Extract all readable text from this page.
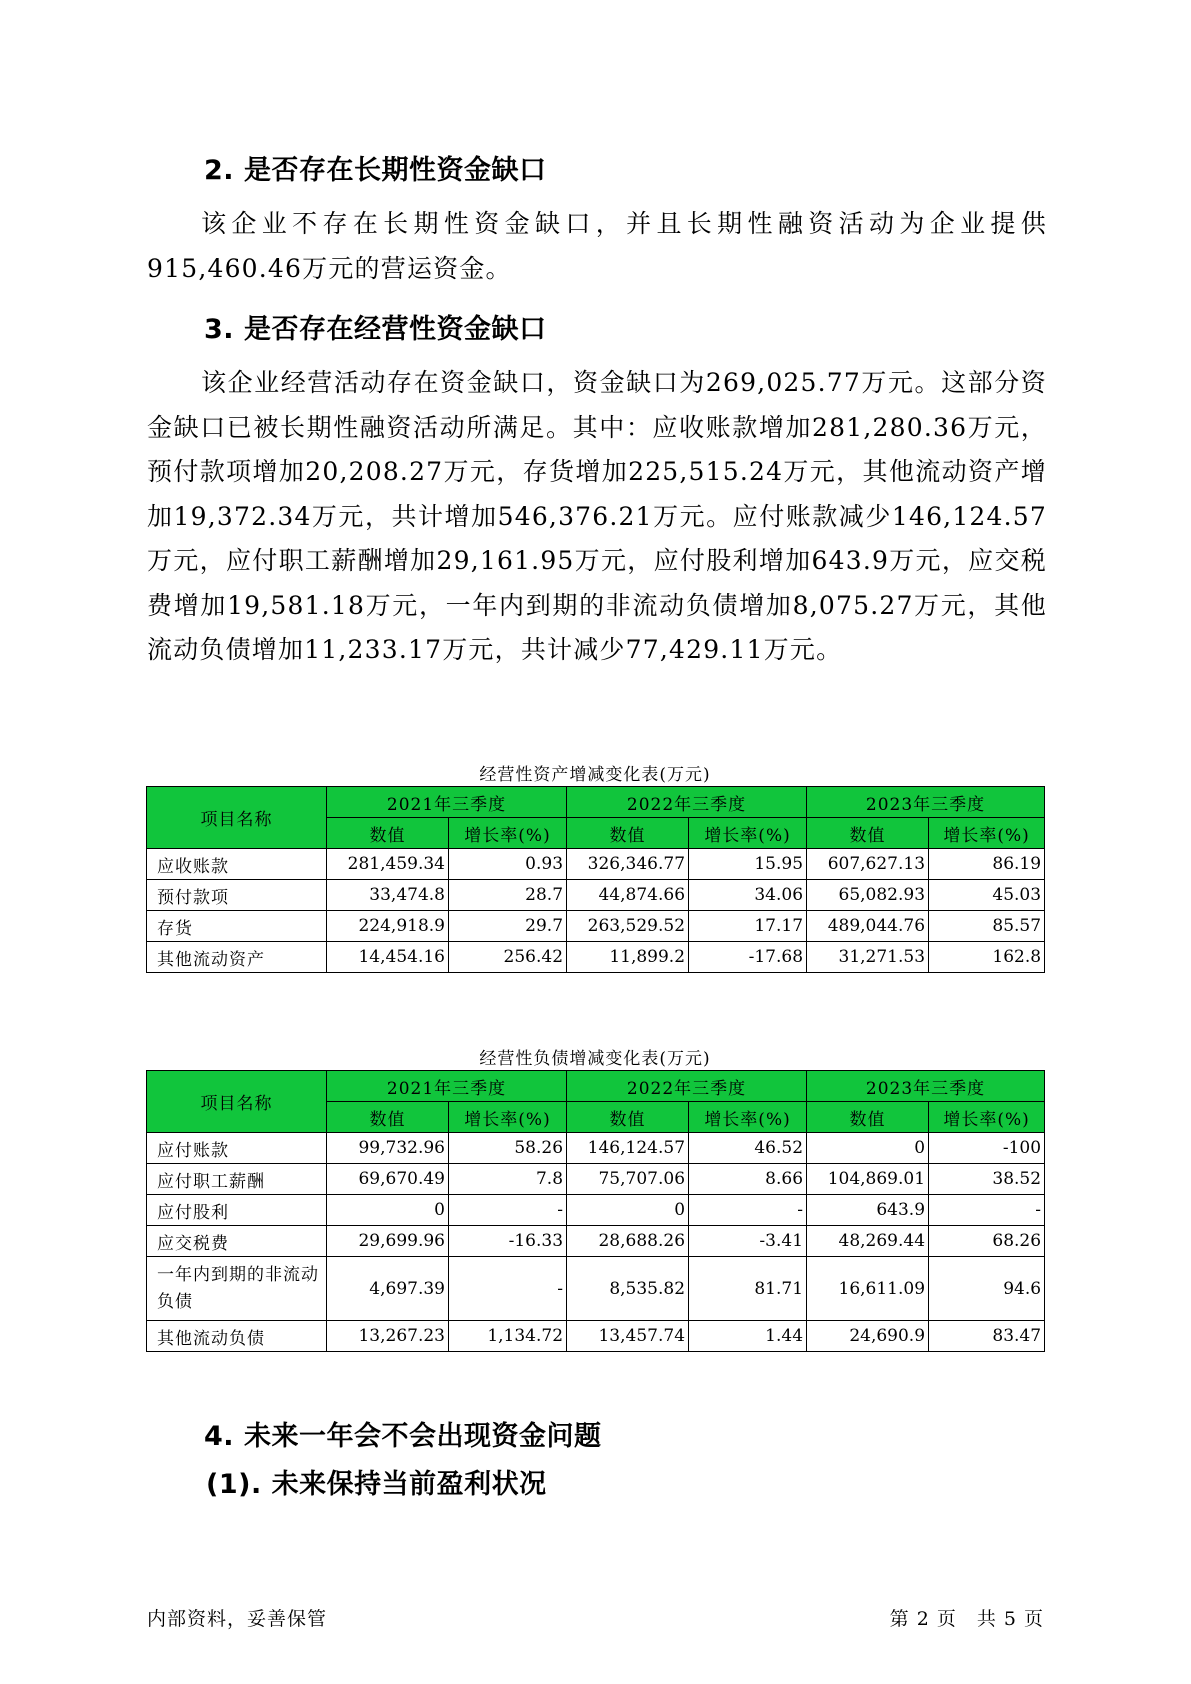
2. 是否存在长期性资金缺口

该企业不存在长期性资金缺口，并且长期性融资活动为企业提供915,460.46万元的营运资金。

3. 是否存在经营性资金缺口

该企业经营活动存在资金缺口，资金缺口为269,025.77万元。这部分资金缺口已被长期性融资活动所满足。其中：应收账款增加281,280.36万元，预付款项增加20,208.27万元，存货增加225,515.24万元，其他流动资产增加19,372.34万元，共计增加546,376.21万元。应付账款减少146,124.57万元，应付职工薪酬增加29,161.95万元，应付股利增加643.9万元，应交税费增加19,581.18万元，一年内到期的非流动负债增加8,075.27万元，其他流动负债增加11,233.17万元，共计减少77,429.11万元。

经营性资产增减变化表(万元)
项目名称	2021年三季度		2022年三季度		2023年三季度	
	数值	增长率(%)	数值	增长率(%)	数值	增长率(%)
应收账款	281,459.34	0.93	326,346.77	15.95	607,627.13	86.19
预付款项	33,474.8	28.7	44,874.66	34.06	65,082.93	45.03
存货	224,918.9	29.7	263,529.52	17.17	489,044.76	85.57
其他流动资产	14,454.16	256.42	11,899.2	-17.68	31,271.53	162.8
经营性负债增减变化表(万元)
项目名称	2021年三季度		2022年三季度		2023年三季度	
	数值	增长率(%)	数值	增长率(%)	数值	增长率(%)
应付账款	99,732.96	58.26	146,124.57	46.52	0	-100
应付职工薪酬	69,670.49	7.8	75,707.06	8.66	104,869.01	38.52
应付股利	0	-	0	-	643.9	-
应交税费	29,699.96	-16.33	28,688.26	-3.41	48,269.44	68.26
一年内到期的非流动负债	4,697.39	-	8,535.82	81.71	16,611.09	94.6
其他流动负债	13,267.23	1,134.72	13,457.74	1.44	24,690.9	83.47
4. 未来一年会不会出现资金问题
(1). 未来保持当前盈利状况
内部资料，妥善保管	第 2 页　共 5 页
